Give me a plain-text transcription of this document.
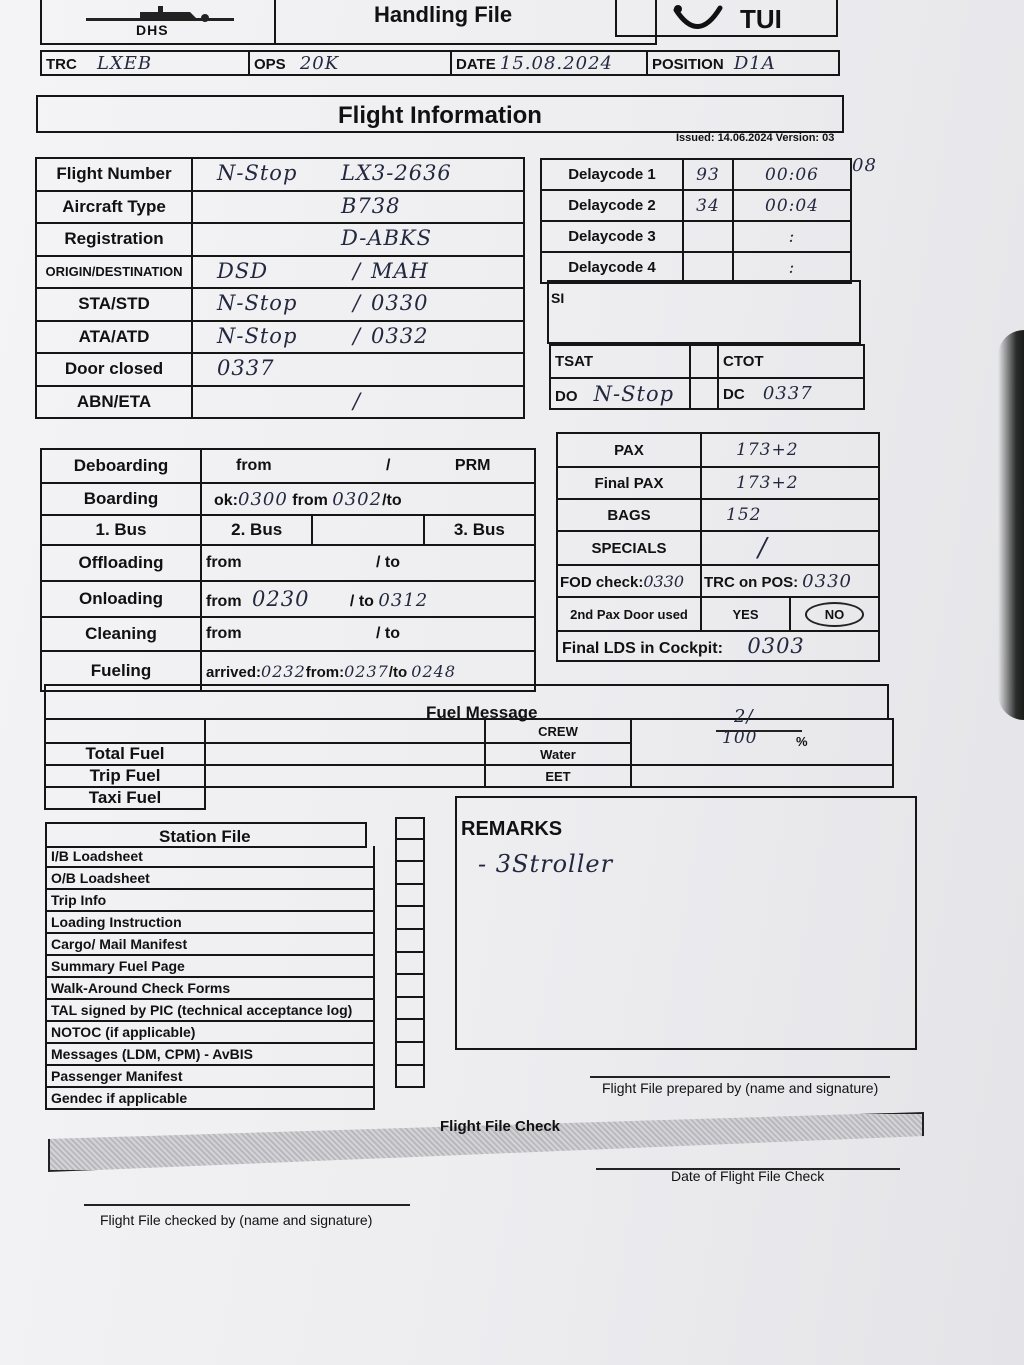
DHS
Handling File	TUI
TRC LXEB	OPS 20K	DATE 15.08.2024	POSITION D1A
Flight Information
Issued: 14.06.2024 Version: 03
Flight Number	N-Stop LX3-2636

Aircraft Type	B738

Registration	D-ABKS

ORIGIN/DESTINATION	DSD / MAH

STA/STD	N-Stop / 0330

ATA/ATD	N-Stop / 0332

Door closed	0337

ABN/ETA	/
Delaycode 1	93	00:06
Delaycode 2	34	00:04
Delaycode 3		:
Delaycode 4		:
08
SI
TSAT		CTOT
DO N-Stop		DC 0337
Deboarding	from / PRM		
Boarding	ok:0300 from 0302/to		
1. Bus	2. Bus		3. Bus
Offloading	from / to		
Onloading	from 0230 / to 0312		
Cleaning	from / to		
Fueling	arrived:0232from:0237/to 0248		
PAX	173+2	
Final PAX	173+2	
BAGS	152	
SPECIALS	/	
FOD check:0330	TRC on POS: 0330	
2nd Pax Door used	YES	NO
Final LDS in Cockpit: 0303		
Fuel Message
		CREW	
Total Fuel		Water	
Trip Fuel		EET	
Taxi Fuel			
2/
100	%
Station File
I/B Loadsheet
O/B Loadsheet
Trip Info
Loading Instruction
Cargo/ Mail Manifest
Summary Fuel Page
Walk-Around Check Forms
TAL signed by PIC (technical acceptance log)
NOTOC (if applicable)
Messages (LDM, CPM) - AvBIS
Passenger Manifest
Gendec if applicable
REMARKS
- 3Stroller
Flight File prepared by (name and signature)
Flight File Check
Date of Flight File Check
Flight File checked by (name and signature)
